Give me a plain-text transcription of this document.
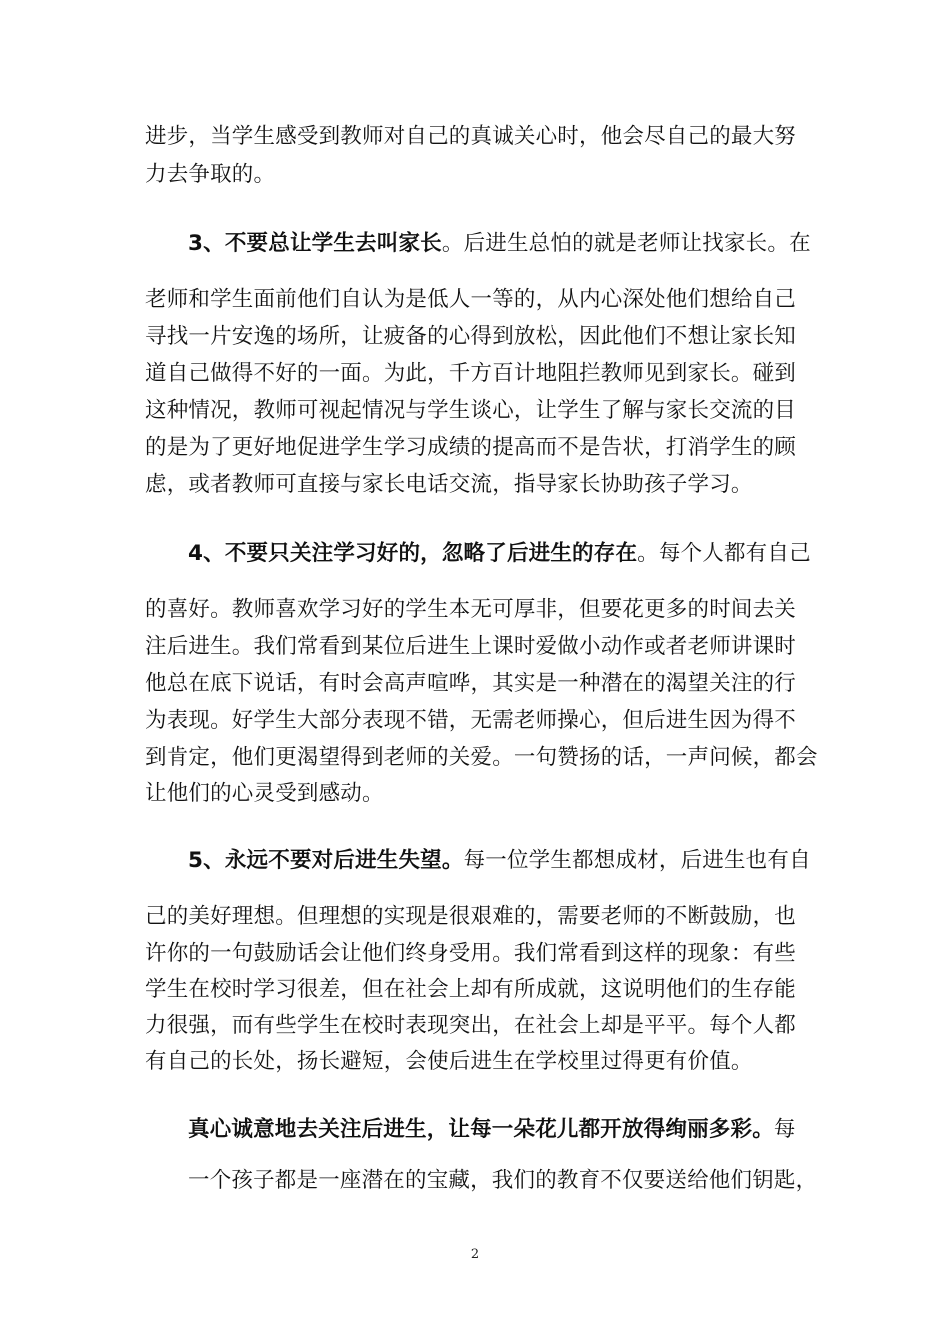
进步，当学生感受到教师对自己的真诚关心时，他会尽自己的最大努
力去争取的。
3、不要总让学生去叫家长。后进生总怕的就是老师让找家长。在
老师和学生面前他们自认为是低人一等的，从内心深处他们想给自己
寻找一片安逸的场所，让疲备的心得到放松，因此他们不想让家长知
道自己做得不好的一面。为此，千方百计地阻拦教师见到家长。碰到
这种情况，教师可视起情况与学生谈心，让学生了解与家长交流的目
的是为了更好地促进学生学习成绩的提高而不是告状，打消学生的顾
虑，或者教师可直接与家长电话交流，指导家长协助孩子学习。
4、不要只关注学习好的，忽略了后进生的存在。每个人都有自己
的喜好。教师喜欢学习好的学生本无可厚非，但要花更多的时间去关
注后进生。我们常看到某位后进生上课时爱做小动作或者老师讲课时
他总在底下说话，有时会高声喧哗，其实是一种潜在的渴望关注的行
为表现。好学生大部分表现不错，无需老师操心，但后进生因为得不
到肯定，他们更渴望得到老师的关爱。一句赞扬的话，一声问候，都会
让他们的心灵受到感动。
5、永远不要对后进生失望。每一位学生都想成材，后进生也有自
己的美好理想。但理想的实现是很艰难的，需要老师的不断鼓励，也
许你的一句鼓励话会让他们终身受用。我们常看到这样的现象：有些
学生在校时学习很差，但在社会上却有所成就，这说明他们的生存能
力很强，而有些学生在校时表现突出，在社会上却是平平。每个人都
有自己的长处，扬长避短，会使后进生在学校里过得更有价值。
真心诚意地去关注后进生，让每一朵花儿都开放得绚丽多彩。每
一个孩子都是一座潜在的宝藏，我们的教育不仅要送给他们钥匙，
2
